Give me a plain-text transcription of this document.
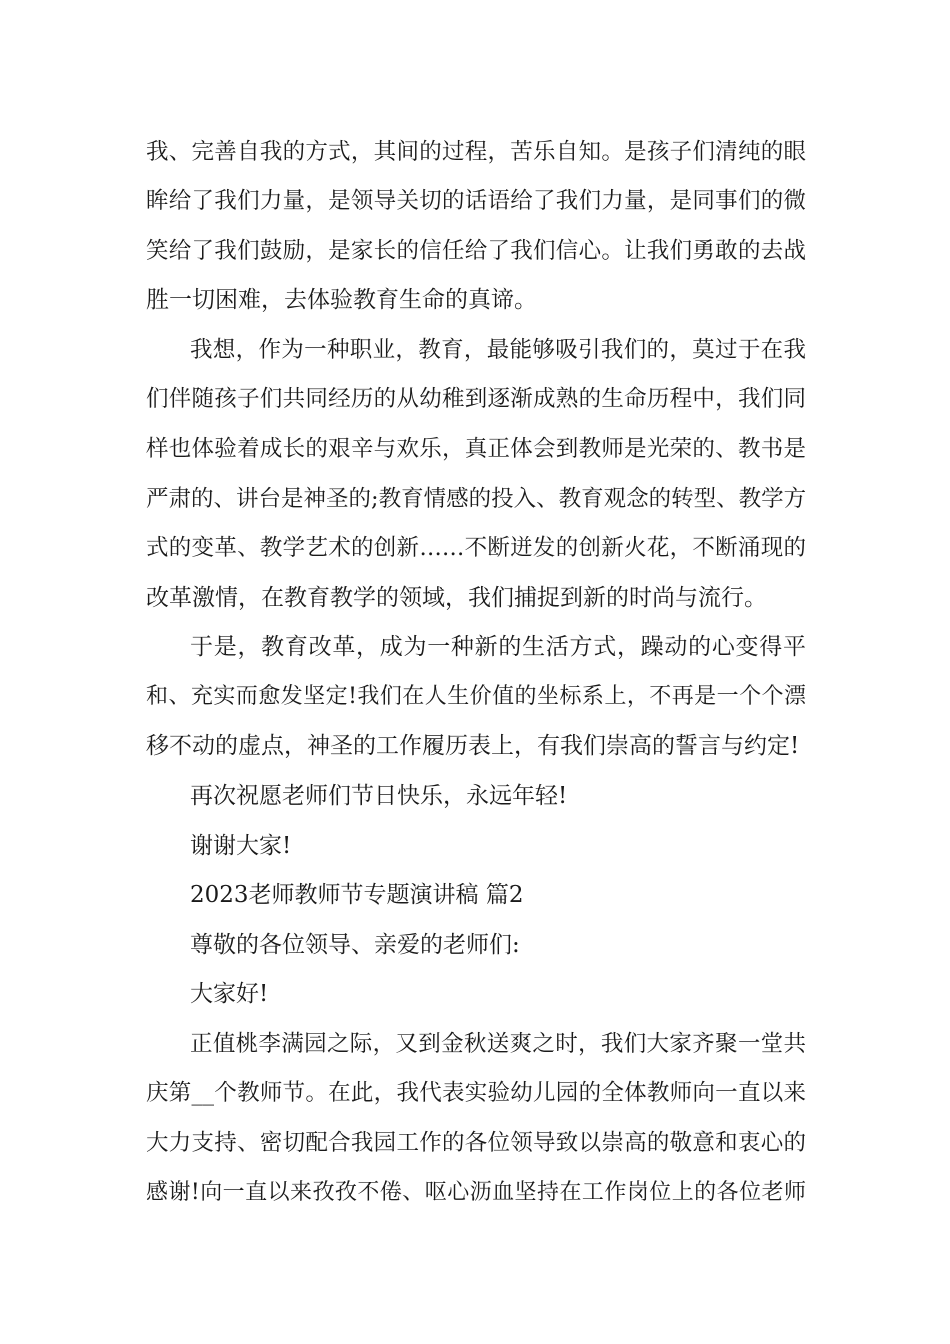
我、完善自我的方式，其间的过程，苦乐自知。是孩子们清纯的眼
眸给了我们力量，是领导关切的话语给了我们力量，是同事们的微
笑给了我们鼓励，是家长的信任给了我们信心。让我们勇敢的去战
胜一切困难，去体验教育生命的真谛。
我想，作为一种职业，教育，最能够吸引我们的，莫过于在我
们伴随孩子们共同经历的从幼稚到逐渐成熟的生命历程中，我们同
样也体验着成长的艰辛与欢乐，真正体会到教师是光荣的、教书是
严肃的、讲台是神圣的;教育情感的投入、教育观念的转型、教学方
式的变革、教学艺术的创新……不断迸发的创新火花，不断涌现的
改革激情，在教育教学的领域，我们捕捉到新的时尚与流行。
于是，教育改革，成为一种新的生活方式，躁动的心变得平
和、充实而愈发坚定!我们在人生价值的坐标系上，不再是一个个漂
移不动的虚点，神圣的工作履历表上，有我们崇高的誓言与约定!
再次祝愿老师们节日快乐，永远年轻!
谢谢大家!
2023老师教师节专题演讲稿 篇2
尊敬的各位领导、亲爱的老师们:
大家好!
正值桃李满园之际，又到金秋送爽之时，我们大家齐聚一堂共
庆第__个教师节。在此，我代表实验幼儿园的全体教师向一直以来
大力支持、密切配合我园工作的各位领导致以崇高的敬意和衷心的
感谢!向一直以来孜孜不倦、呕心沥血坚持在工作岗位上的各位老师
